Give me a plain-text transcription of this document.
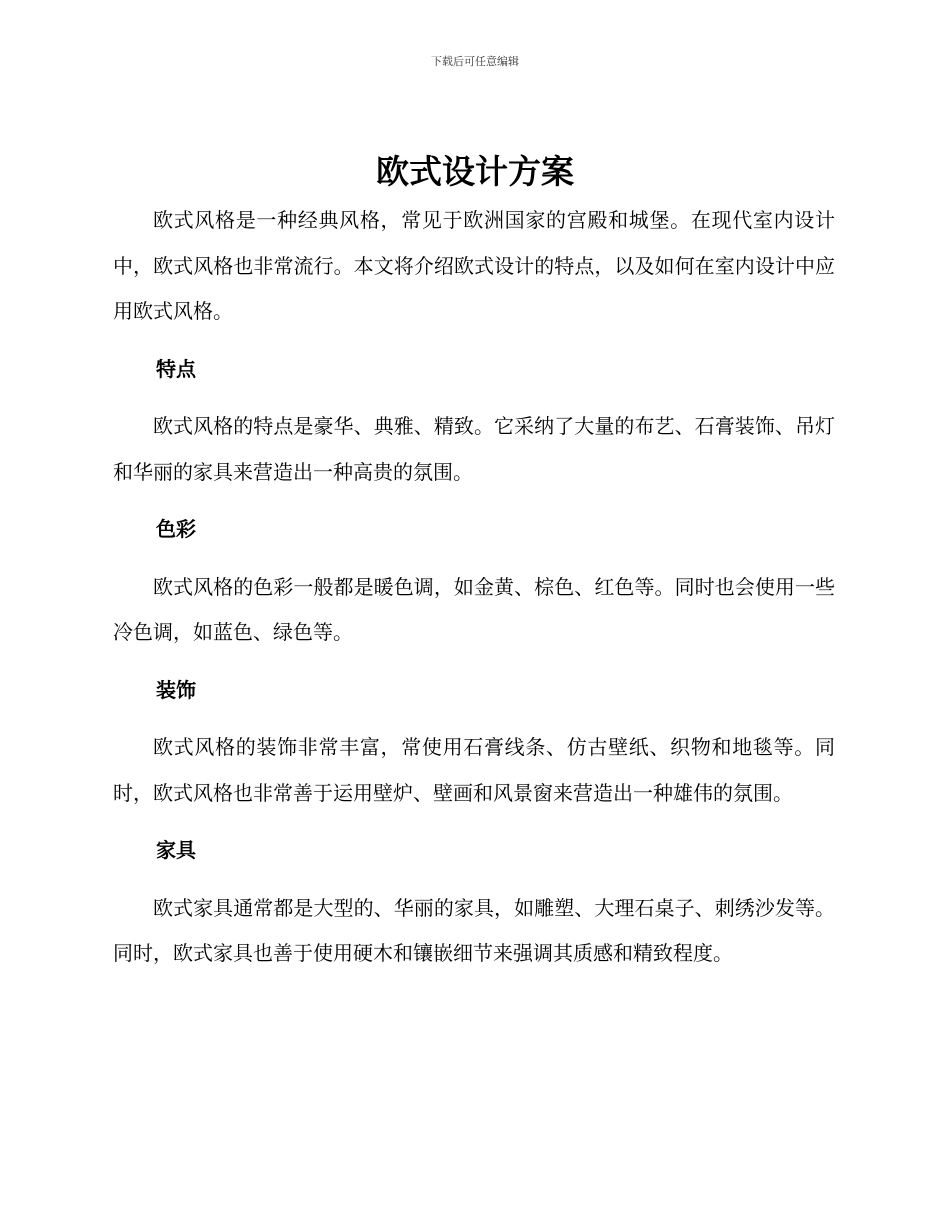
下载后可任意编辑
欧式设计方案

欧式风格是一种经典风格，常见于欧洲国家的宫殿和城堡。在现代室内设计中，欧式风格也非常流行。本文将介绍欧式设计的特点，以及如何在室内设计中应用欧式风格。

特点

欧式风格的特点是豪华、典雅、精致。它采纳了大量的布艺、石膏装饰、吊灯和华丽的家具来营造出一种高贵的氛围。

色彩

欧式风格的色彩一般都是暖色调，如金黄、棕色、红色等。同时也会使用一些冷色调，如蓝色、绿色等。

装饰

欧式风格的装饰非常丰富，常使用石膏线条、仿古壁纸、织物和地毯等。同时，欧式风格也非常善于运用壁炉、壁画和风景窗来营造出一种雄伟的氛围。

家具

欧式家具通常都是大型的、华丽的家具，如雕塑、大理石桌子、刺绣沙发等。同时，欧式家具也善于使用硬木和镶嵌细节来强调其质感和精致程度。
